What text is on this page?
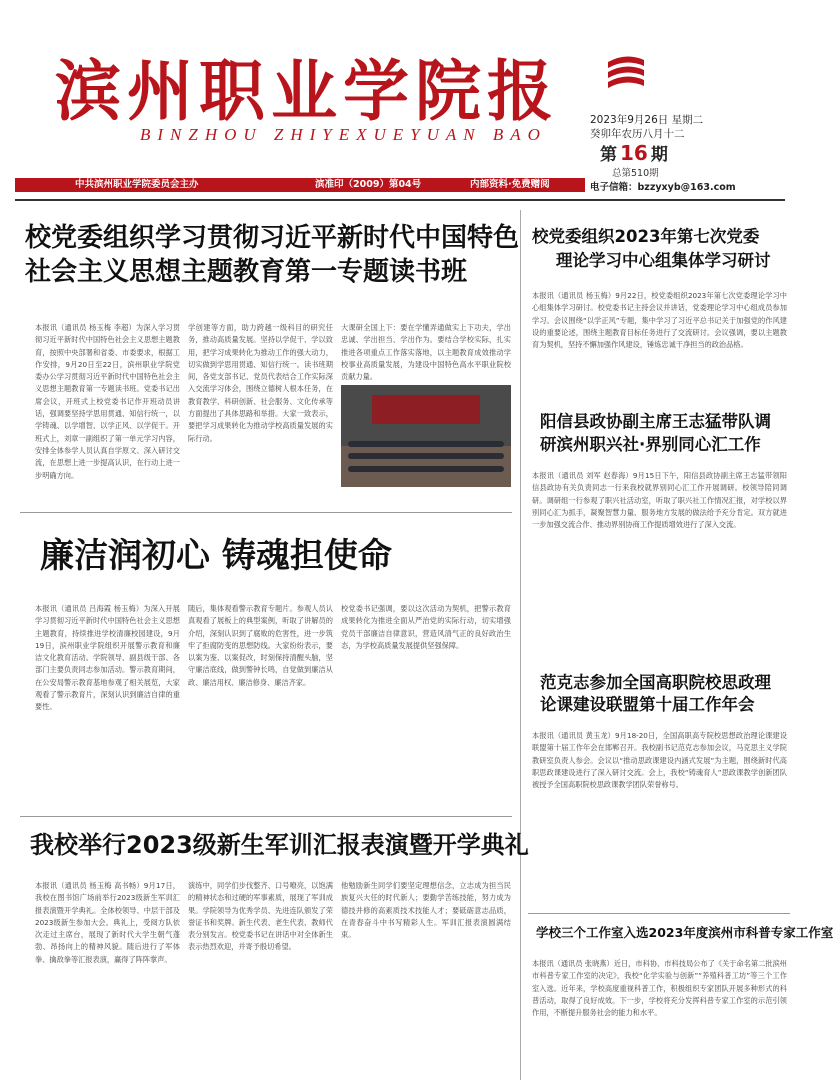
滨州职业学院报
BINZHOU ZHIYEXUEYUAN BAO
2023年9月26日 星期二
癸卯年农历八月十二
第 16 期
总第510期
中共滨州职业学院委员会主办	滨准印（2009）第04号	内部资料·免费赠阅	电子信箱：bzzyxyb@163.com
校党委组织学习贯彻习近平新时代中国特色
社会主义思想主题教育第一专题读书班
本报讯（通讯员 杨玉梅 李超）为深入学习贯彻习近平新时代中国特色社会主义思想主题教育，按照中央部署和省委、市委要求，根据工作安排，9月20日至22日，滨州职业学院党委办公学习贯彻习近平新时代中国特色社会主义思想主题教育第一专题读书班。党委书记出席会议，开班式上校党委书记作开班动员讲话，强调要坚持学思用贯通、知信行统一，以学铸魂、以学增智、以学正风、以学促干。开班式上，刘章一副组织了第一单元学习内容，安排全体参学人员认真自学原文、深入研讨交流，在思想上进一步提高认识，在行动上进一步明确方向。
学创建等方面，助力跨越一级科目的研究任务，推动高质量发展。坚持以学促干、学以致用，把学习成果转化为推动工作的强大动力，切实做到学思用贯通、知信行统一。读书班期间，各党支部书记、党员代表结合工作实际深入交流学习体会，围绕立德树人根本任务，在教育教学、科研创新、社会服务、文化传承等方面提出了具体思路和举措。大家一致表示，要把学习成果转化为推动学校高质量发展的实际行动。
大课研全国上下：要在学懂弄通做实上下功夫，学出忠诚、学出担当、学出作为。要结合学校实际，扎实推进各项重点工作落实落地，以主题教育成效推动学校事业高质量发展，为建设中国特色高水平职业院校贡献力量。
廉洁润初心 铸魂担使命
本报讯（通讯员 吕海霞 杨玉梅）为深入开展学习贯彻习近平新时代中国特色社会主义思想主题教育，持续推进学校清廉校园建设，9月19日，滨州职业学院组织开展警示教育和廉洁文化教育活动。学院领导、副县级干部、各部门主要负责同志参加活动。警示教育期间，在公安局警示教育基地参观了相关展览，大家观看了警示教育片，深刻认识到廉洁自律的重要性。
随后，集体观看警示教育专题片。参观人员认真观看了展板上的典型案例，听取了讲解员的介绍，深刻认识到了腐败的危害性，进一步筑牢了拒腐防变的思想防线。大家纷纷表示，要以案为鉴、以案促改，时刻保持清醒头脑，坚守廉洁底线，做到警钟长鸣，自觉做到廉洁从政、廉洁用权、廉洁修身、廉洁齐家。
校党委书记强调，要以这次活动为契机，把警示教育成果转化为推进全面从严治党的实际行动，切实增强党员干部廉洁自律意识，营造风清气正的良好政治生态，为学校高质量发展提供坚强保障。
我校举行2023级新生军训汇报表演暨开学典礼
本报讯（通讯员 杨玉梅 高书畅）9月17日，我校在图书馆广场前举行2023级新生军训汇报表演暨开学典礼。全体校领导、中层干部及2023级新生参加大会。典礼上，受阅方队依次走过主席台，展现了新时代大学生朝气蓬勃、昂扬向上的精神风貌。随后进行了军体拳、擒敌拳等汇报表演，赢得了阵阵掌声。
演练中，同学们步伐整齐、口号嘹亮，以饱满的精神状态和过硬的军事素质，展现了军训成果。学院领导为优秀学员、先进连队颁发了荣誉证书和奖牌。新生代表、老生代表、教师代表分别发言。校党委书记在讲话中对全体新生表示热烈欢迎，并寄予殷切希望。
他勉励新生同学们要坚定理想信念，立志成为担当民族复兴大任的时代新人；要勤学苦练技能，努力成为德技并修的高素质技术技能人才；要砥砺意志品质，在青春奋斗中书写精彩人生。军训汇报表演圆满结束。
校党委组织2023年第七次党委
理论学习中心组集体学习研讨
本报讯（通讯员 杨玉梅）9月22日，校党委组织2023年第七次党委理论学习中心组集体学习研讨。校党委书记主持会议并讲话，党委理论学习中心组成员参加学习。会议围绕“以学正风”专题，集中学习了习近平总书记关于加强党的作风建设的重要论述，围绕主题教育目标任务进行了交流研讨。会议强调，要以主题教育为契机，坚持不懈加强作风建设，锤炼忠诚干净担当的政治品格。
阳信县政协副主席王志猛带队调
研滨州职兴社·界别同心汇工作
本报讯（通讯员 刘军 赵春海）9月15日下午，阳信县政协副主席王志猛带领阳信县政协有关负责同志一行来我校就界别同心汇工作开展调研。校领导陪同调研。调研组一行参观了职兴社活动室，听取了职兴社工作情况汇报，对学校以界别同心汇为抓手，凝聚智慧力量、服务地方发展的做法给予充分肯定。双方就进一步加强交流合作、推动界别协商工作提质增效进行了深入交流。
范克志参加全国高职院校思政理
论课建设联盟第十届工作年会
本报讯（通讯员 黄玉龙）9月18-20日，全国高职高专院校思想政治理论课建设联盟第十届工作年会在邯郸召开。我校副书记范克志参加会议，马克思主义学院教研室负责人参会。会议以“推动思政课建设内涵式发展”为主题，围绕新时代高职思政课建设进行了深入研讨交流。会上，我校“铸魂育人”思政课教学创新团队被授予全国高职院校思政课教学团队荣誉称号。
学校三个工作室入选2023年度滨州市科普专家工作室
本报讯（通讯员 张晓燕）近日，市科协、市科技局公布了《关于命名第二批滨州市科普专家工作室的决定》，我校“化学实验与创新”“养殖科普工坊”等三个工作室入选。近年来，学校高度重视科普工作，积极组织专家团队开展多种形式的科普活动，取得了良好成效。下一步，学校将充分发挥科普专家工作室的示范引领作用，不断提升服务社会的能力和水平。
